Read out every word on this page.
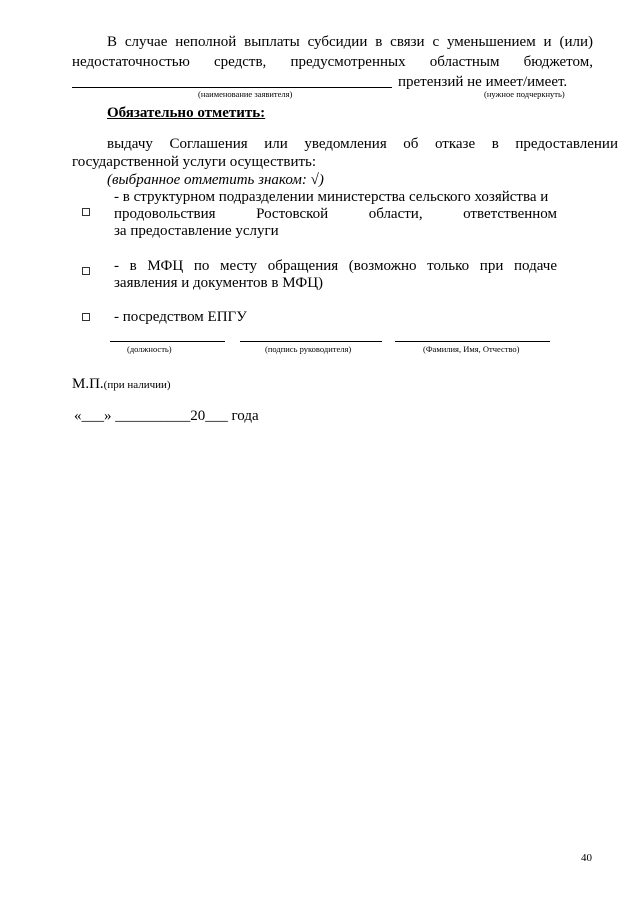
В случае неполной выплаты субсидии в связи с уменьшением и (или)
недостаточностью средств, предусмотренных областным бюджетом,
претензий не имеет/имеет.
(наименование заявителя)	(нужное подчеркнуть)
Обязательно отметить:
выдачу Соглашения или уведомления об отказе в предоставлении
государственной услуги осуществить:
(выбранное отметить знаком: √)
- в структурном подразделении министерства сельского хозяйства и
продовольствия Ростовской области, ответственном
за предоставление услуги
- в МФЦ по месту обращения (возможно только при подаче
заявления и документов в МФЦ)
- посредством ЕПГУ
(должность)	(подпись руководителя)	(Фамилия, Имя, Отчество)
М.П.(при наличии)
«___» __________20___ года
40
